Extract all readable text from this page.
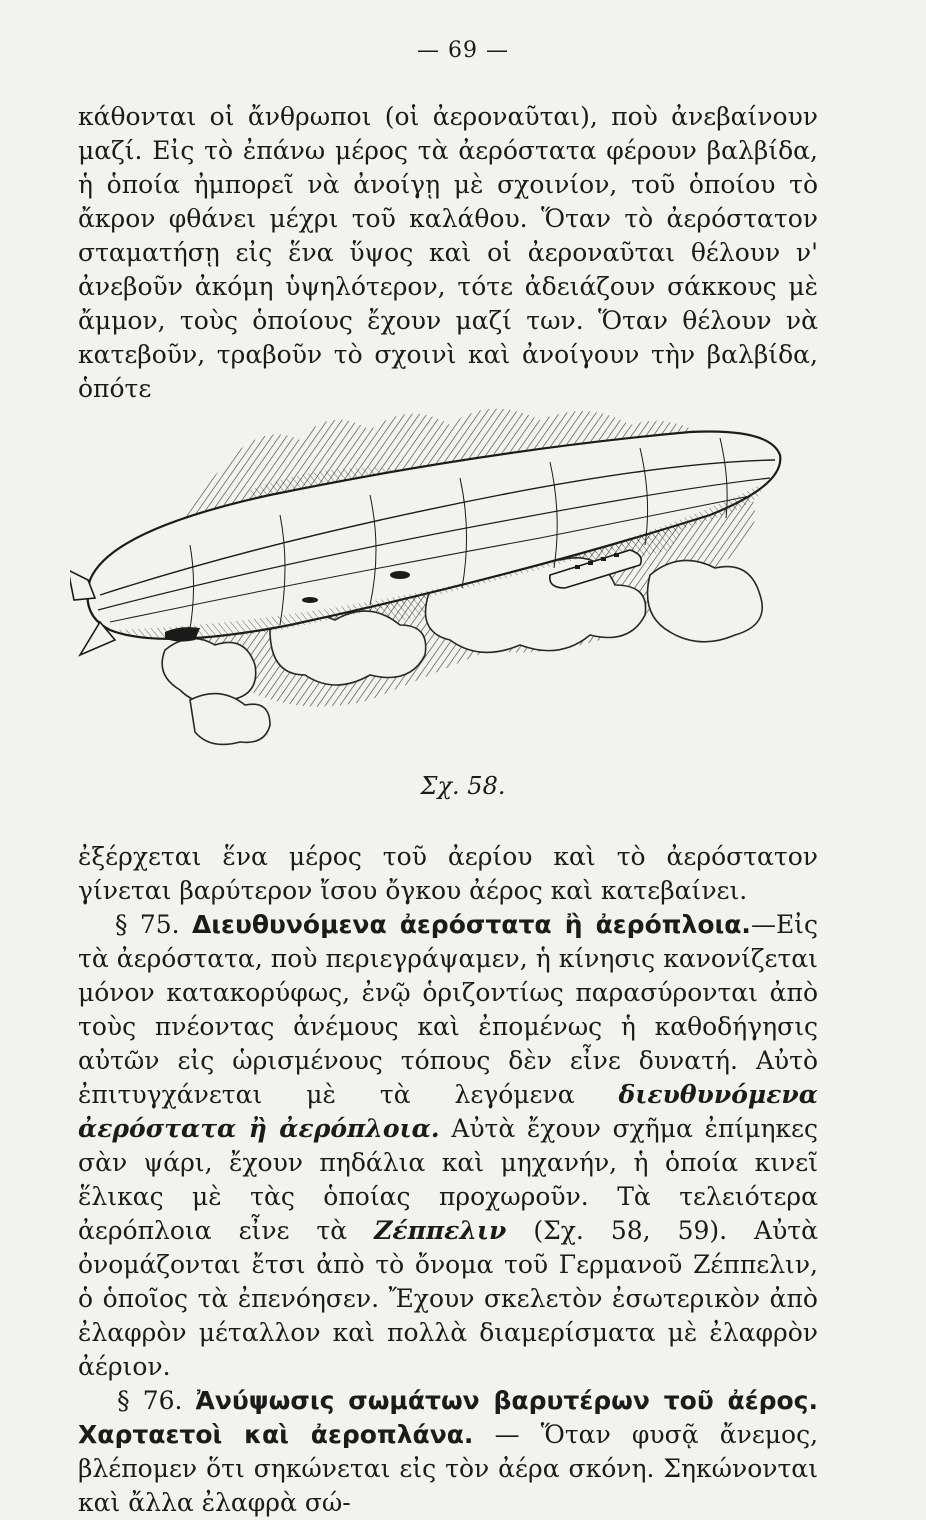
— 69 —

κάθονται οἱ ἄνθρωποι (οἱ ἀεροναῦται), ποὺ ἀνεβαίνουν μαζί. Εἰς τὸ ἐπάνω μέρος τὰ ἀερόστατα φέρουν βαλβίδα, ἡ ὁποία ἠμπορεῖ νὰ ἀνοίγῃ μὲ σχοινίον, τοῦ ὁποίου τὸ ἄκρον φθάνει μέχρι τοῦ καλάθου. Ὅταν τὸ ἀερόστατον σταματήσῃ εἰς ἕνα ὕψος καὶ οἱ ἀεροναῦται θέλουν ν' ἀνεβοῦν ἀκόμη ὑψηλότερον, τότε ἀδειάζουν σάκκους μὲ ἄμμον, τοὺς ὁποίους ἔχουν μαζί των. Ὅταν θέλουν νὰ κατεβοῦν, τραβοῦν τὸ σχοινὶ καὶ ἀνοίγουν τὴν βαλβίδα, ὁπότε

Σχ. 58.
ἐξέρχεται ἕνα μέρος τοῦ ἀερίου καὶ τὸ ἀερόστατον γίνεται βαρύτερον ἴσου ὄγκου ἀέρος καὶ κατεβαίνει.
§ 75. Διευθυνόμενα ἀερόστατα ἢ ἀερόπλοια.—Εἰς τὰ ἀερόστατα, ποὺ περιεγράψαμεν, ἡ κίνησις κανονίζεται μόνον κατακορύφως, ἐνῷ ὁριζοντίως παρασύρονται ἀπὸ τοὺς πνέοντας ἀνέμους καὶ ἐπομένως ἡ καθοδήγησις αὐτῶν εἰς ὡρισμένους τόπους δὲν εἶνε δυνατή. Αὐτὸ ἐπιτυγχάνεται μὲ τὰ λεγόμενα διευθυνόμενα ἀερόστατα ἢ ἀερόπλοια. Αὐτὰ ἔχουν σχῆμα ἐπίμηκες σὰν ψάρι, ἔχουν πηδάλια καὶ μηχανήν, ἡ ὁποία κινεῖ ἕλικας μὲ τὰς ὁποίας προχωροῦν. Τὰ τελειότερα ἀερόπλοια εἶνε τὰ Ζέππελιν (Σχ. 58, 59). Αὐτὰ ὀνομάζονται ἔτσι ἀπὸ τὸ ὄνομα τοῦ Γερμανοῦ Ζέππελιν, ὁ ὁποῖος τὰ ἐπενόησεν. Ἔχουν σκελετὸν ἐσωτερικὸν ἀπὸ ἐλαφρὸν μέταλλον καὶ πολλὰ διαμερίσματα μὲ ἐλαφρὸν ἀέριον.
§ 76. Ἀνύψωσις σωμάτων βαρυτέρων τοῦ ἀέρος. Χαρταετοὶ καὶ ἀεροπλάνα. — Ὅταν φυσᾷ ἄνεμος, βλέπομεν ὅτι σηκώνεται εἰς τὸν ἀέρα σκόνη. Σηκώνονται καὶ ἄλλα ἐλαφρὰ σώ-
